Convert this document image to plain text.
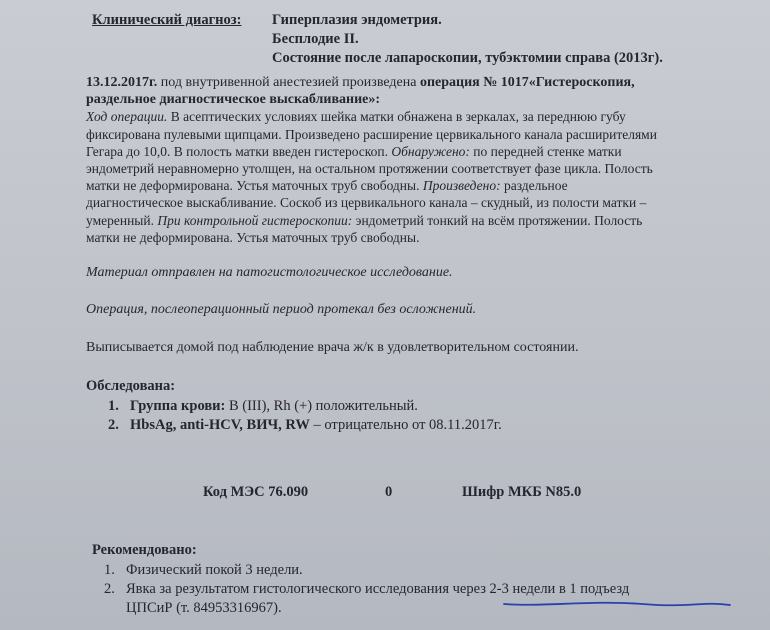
Клинический диагноз: Гиперплазия эндометрия.
Бесплодие II.
Состояние после лапароскопии, тубэктомии справа (2013г).
13.12.2017г. под внутривенной анестезией произведена операция № 1017«Гистероскопия,
раздельное диагностическое выскабливание»:
Ход операции. В асептических условиях шейка матки обнажена в зеркалах, за переднюю губу
фиксирована пулевыми щипцами. Произведено расширение цервикального канала расширителями
Гегара до 10,0. В полость матки введен гистероскоп. Обнаружено: по передней стенке матки
эндометрий неравномерно утолщен, на остальном протяжении соответствует фазе цикла. Полость
матки не деформирована. Устья маточных труб свободны. Произведено: раздельное
диагностическое выскабливание. Соскоб из цервикального канала – скудный, из полости матки –
умеренный. При контрольной гистероскопии: эндометрий тонкий на всём протяжении. Полость
матки не деформирована. Устья маточных труб свободны.
Материал отправлен на патогистологическое исследование.
Операция, послеоперационный период протекал без осложнений.
Выписывается домой под наблюдение врача ж/к в удовлетворительном состоянии.
Обследована:
1. Группа крови: В (III), Rh (+) положительный.
2. HbsAg, anti-HCV, ВИЧ, RW – отрицательно от 08.11.2017г.
Код МЭС 76.090	0	Шифр МКБ N85.0
Рекомендовано:
1. Физический покой 3 недели.
2. Явка за результатом гистологического исследования через 2-3 недели в 1 подъезд
ЦПСиР (т. 84953316967).
